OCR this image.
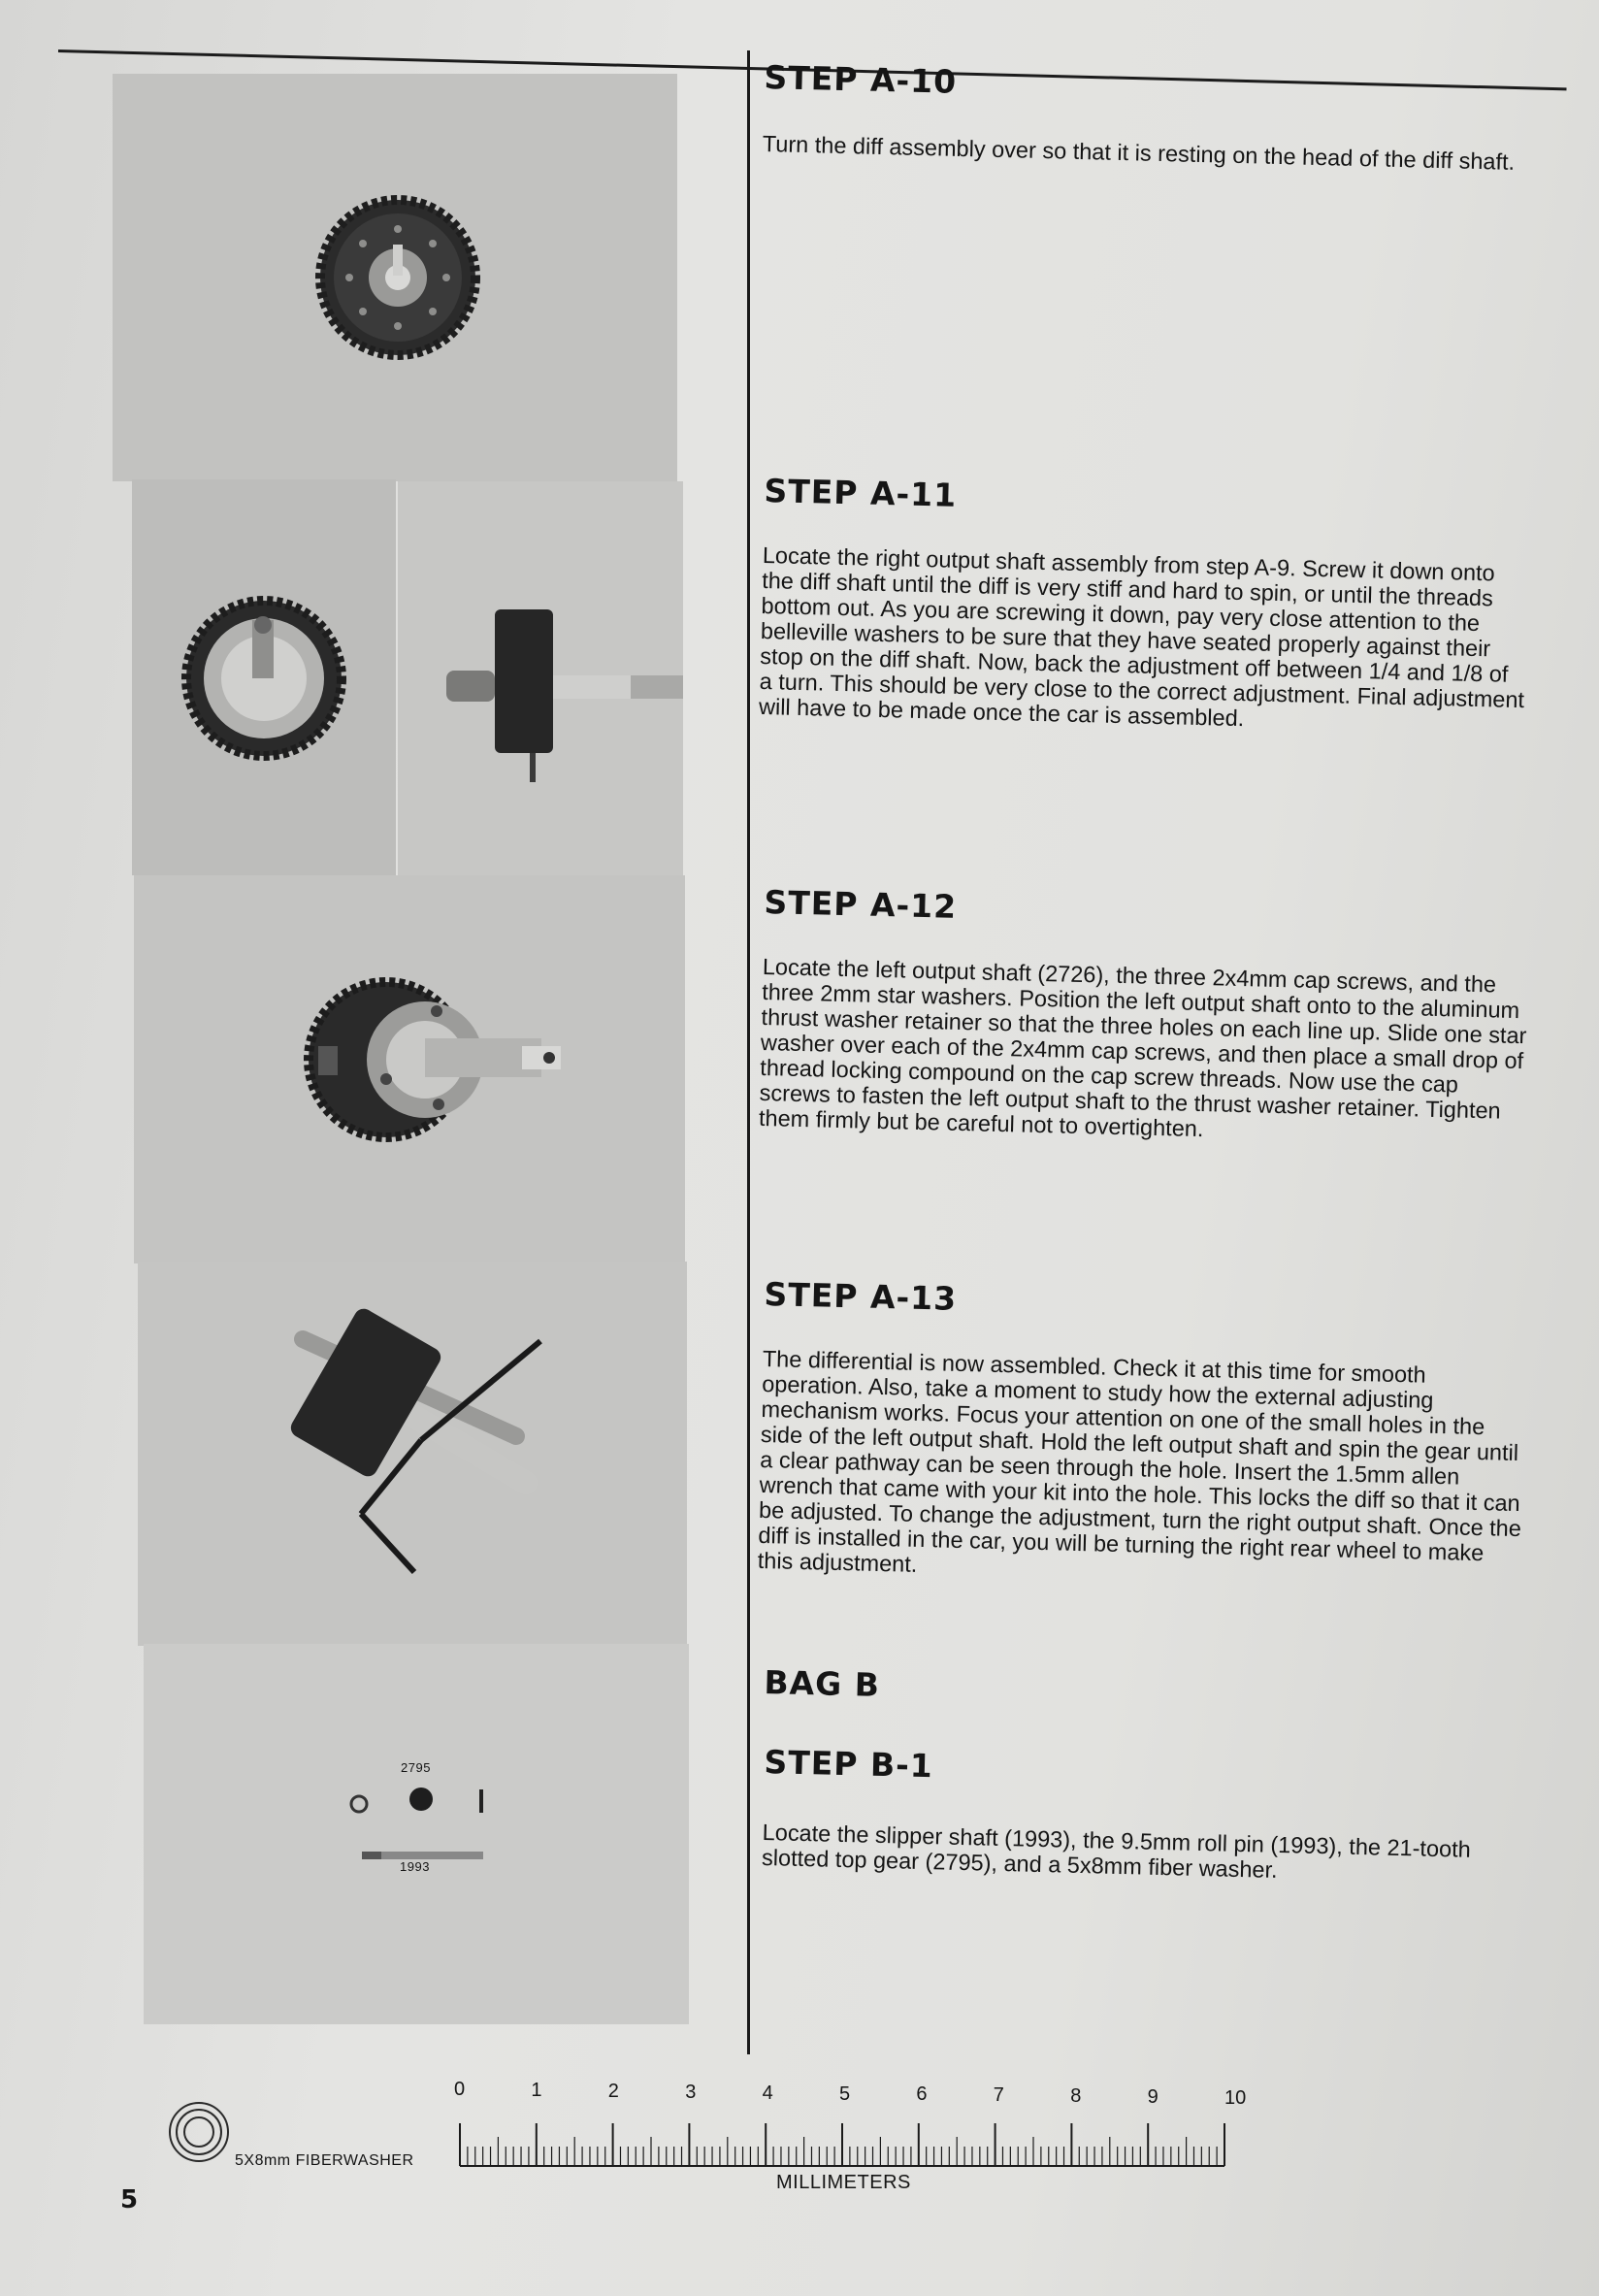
2795
1993
STEP A-10

Turn the diff assembly over so that it is resting on the head of the diff shaft.

STEP A-11

Locate the right output shaft assembly from step A-9. Screw it down onto the diff shaft until the diff is very stiff and hard to spin, or until the threads bottom out. As you are screwing it down, pay very close attention to the belleville washers to be sure that they have seated properly against their stop on the diff shaft. Now, back the adjustment off between 1/4 and 1/8 of a turn. This should be very close to the correct adjustment. Final adjustment will have to be made once the car is assembled.

STEP A-12

Locate the left output shaft (2726), the three 2x4mm cap screws, and the three 2mm star washers. Position the left output shaft onto to the aluminum thrust washer retainer so that the three holes on each line up. Slide one star washer over each of the 2x4mm cap screws, and then place a small drop of thread locking compound on the cap screw threads. Now use the cap screws to fasten the left output shaft to the thrust washer retainer. Tighten them firmly but be careful not to overtighten.

STEP A-13

The differential is now assembled. Check it at this time for smooth operation. Also, take a moment to study how the external adjusting mechanism works. Focus your attention on one of the small holes in the side of the left output shaft. Hold the left output shaft and spin the gear until a clear pathway can be seen through the hole. Insert the 1.5mm allen wrench that came with your kit into the hole. This locks the diff so that it can be adjusted. To change the adjustment, turn the right output shaft. Once the diff is installed in the car, you will be turning the right rear wheel to make this adjustment.

BAG B
STEP B-1

Locate the slipper shaft (1993), the 9.5mm roll pin (1993), the 21-tooth slotted top gear (2795), and a 5x8mm fiber washer.

5X8mm FIBERWASHER
0	1	2	3	4	5	6	7	8	9	10
MILLIMETERS
5
